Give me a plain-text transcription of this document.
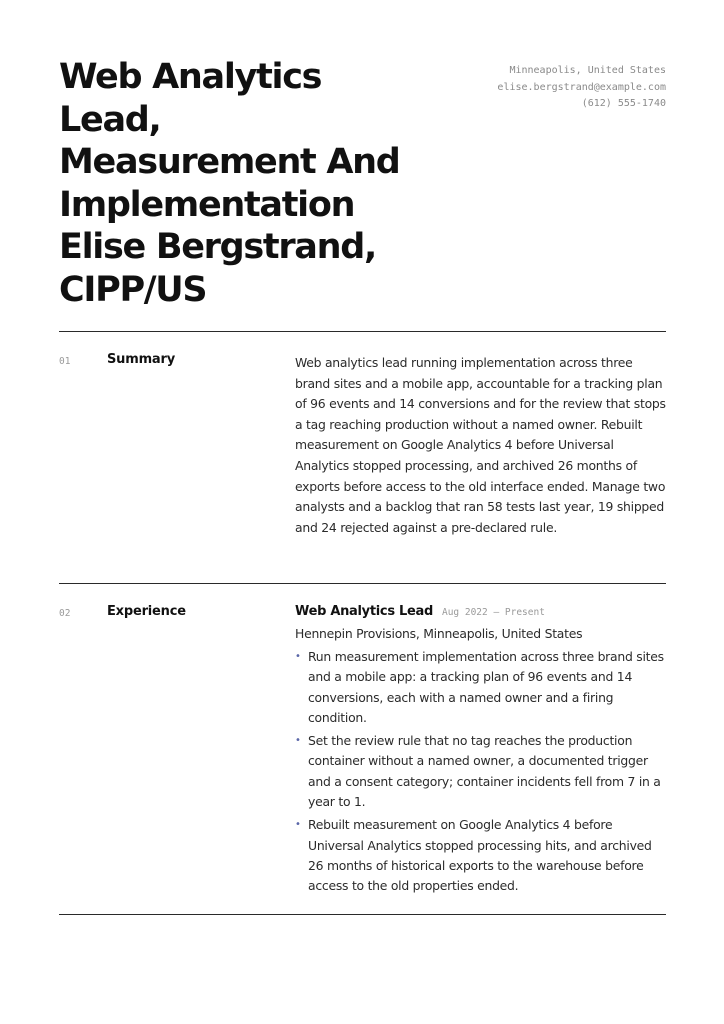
Web Analytics
Lead,
Measurement And
Implementation
Elise Bergstrand,
CIPP/US
Minneapolis, United States
elise.bergstrand@example.com
(612) 555-1740
01	Summary	Web analytics lead running implementation across three brand sites and a mobile app, accountable for a tracking plan of 96 events and 14 conversions and for the review that stops a tag reaching production without a named owner. Rebuilt measurement on Google Analytics 4 before Universal Analytics stopped processing, and archived 26 months of exports before access to the old interface ended. Manage two analysts and a backlog that ran 58 tests last year, 19 shipped and 24 rejected against a pre-declared rule.

02	Experience	Web Analytics Lead Aug 2022 – Present
Hennepin Provisions, Minneapolis, United States
• Run measurement implementation across three brand sites and a mobile app: a tracking plan of 96 events and 14 conversions, each with a named owner and a firing condition.
• Set the review rule that no tag reaches the production container without a named owner, a documented trigger and a consent category; container incidents fell from 7 in a year to 1.
• Rebuilt measurement on Google Analytics 4 before Universal Analytics stopped processing hits, and archived 26 months of historical exports to the warehouse before access to the old properties ended.
